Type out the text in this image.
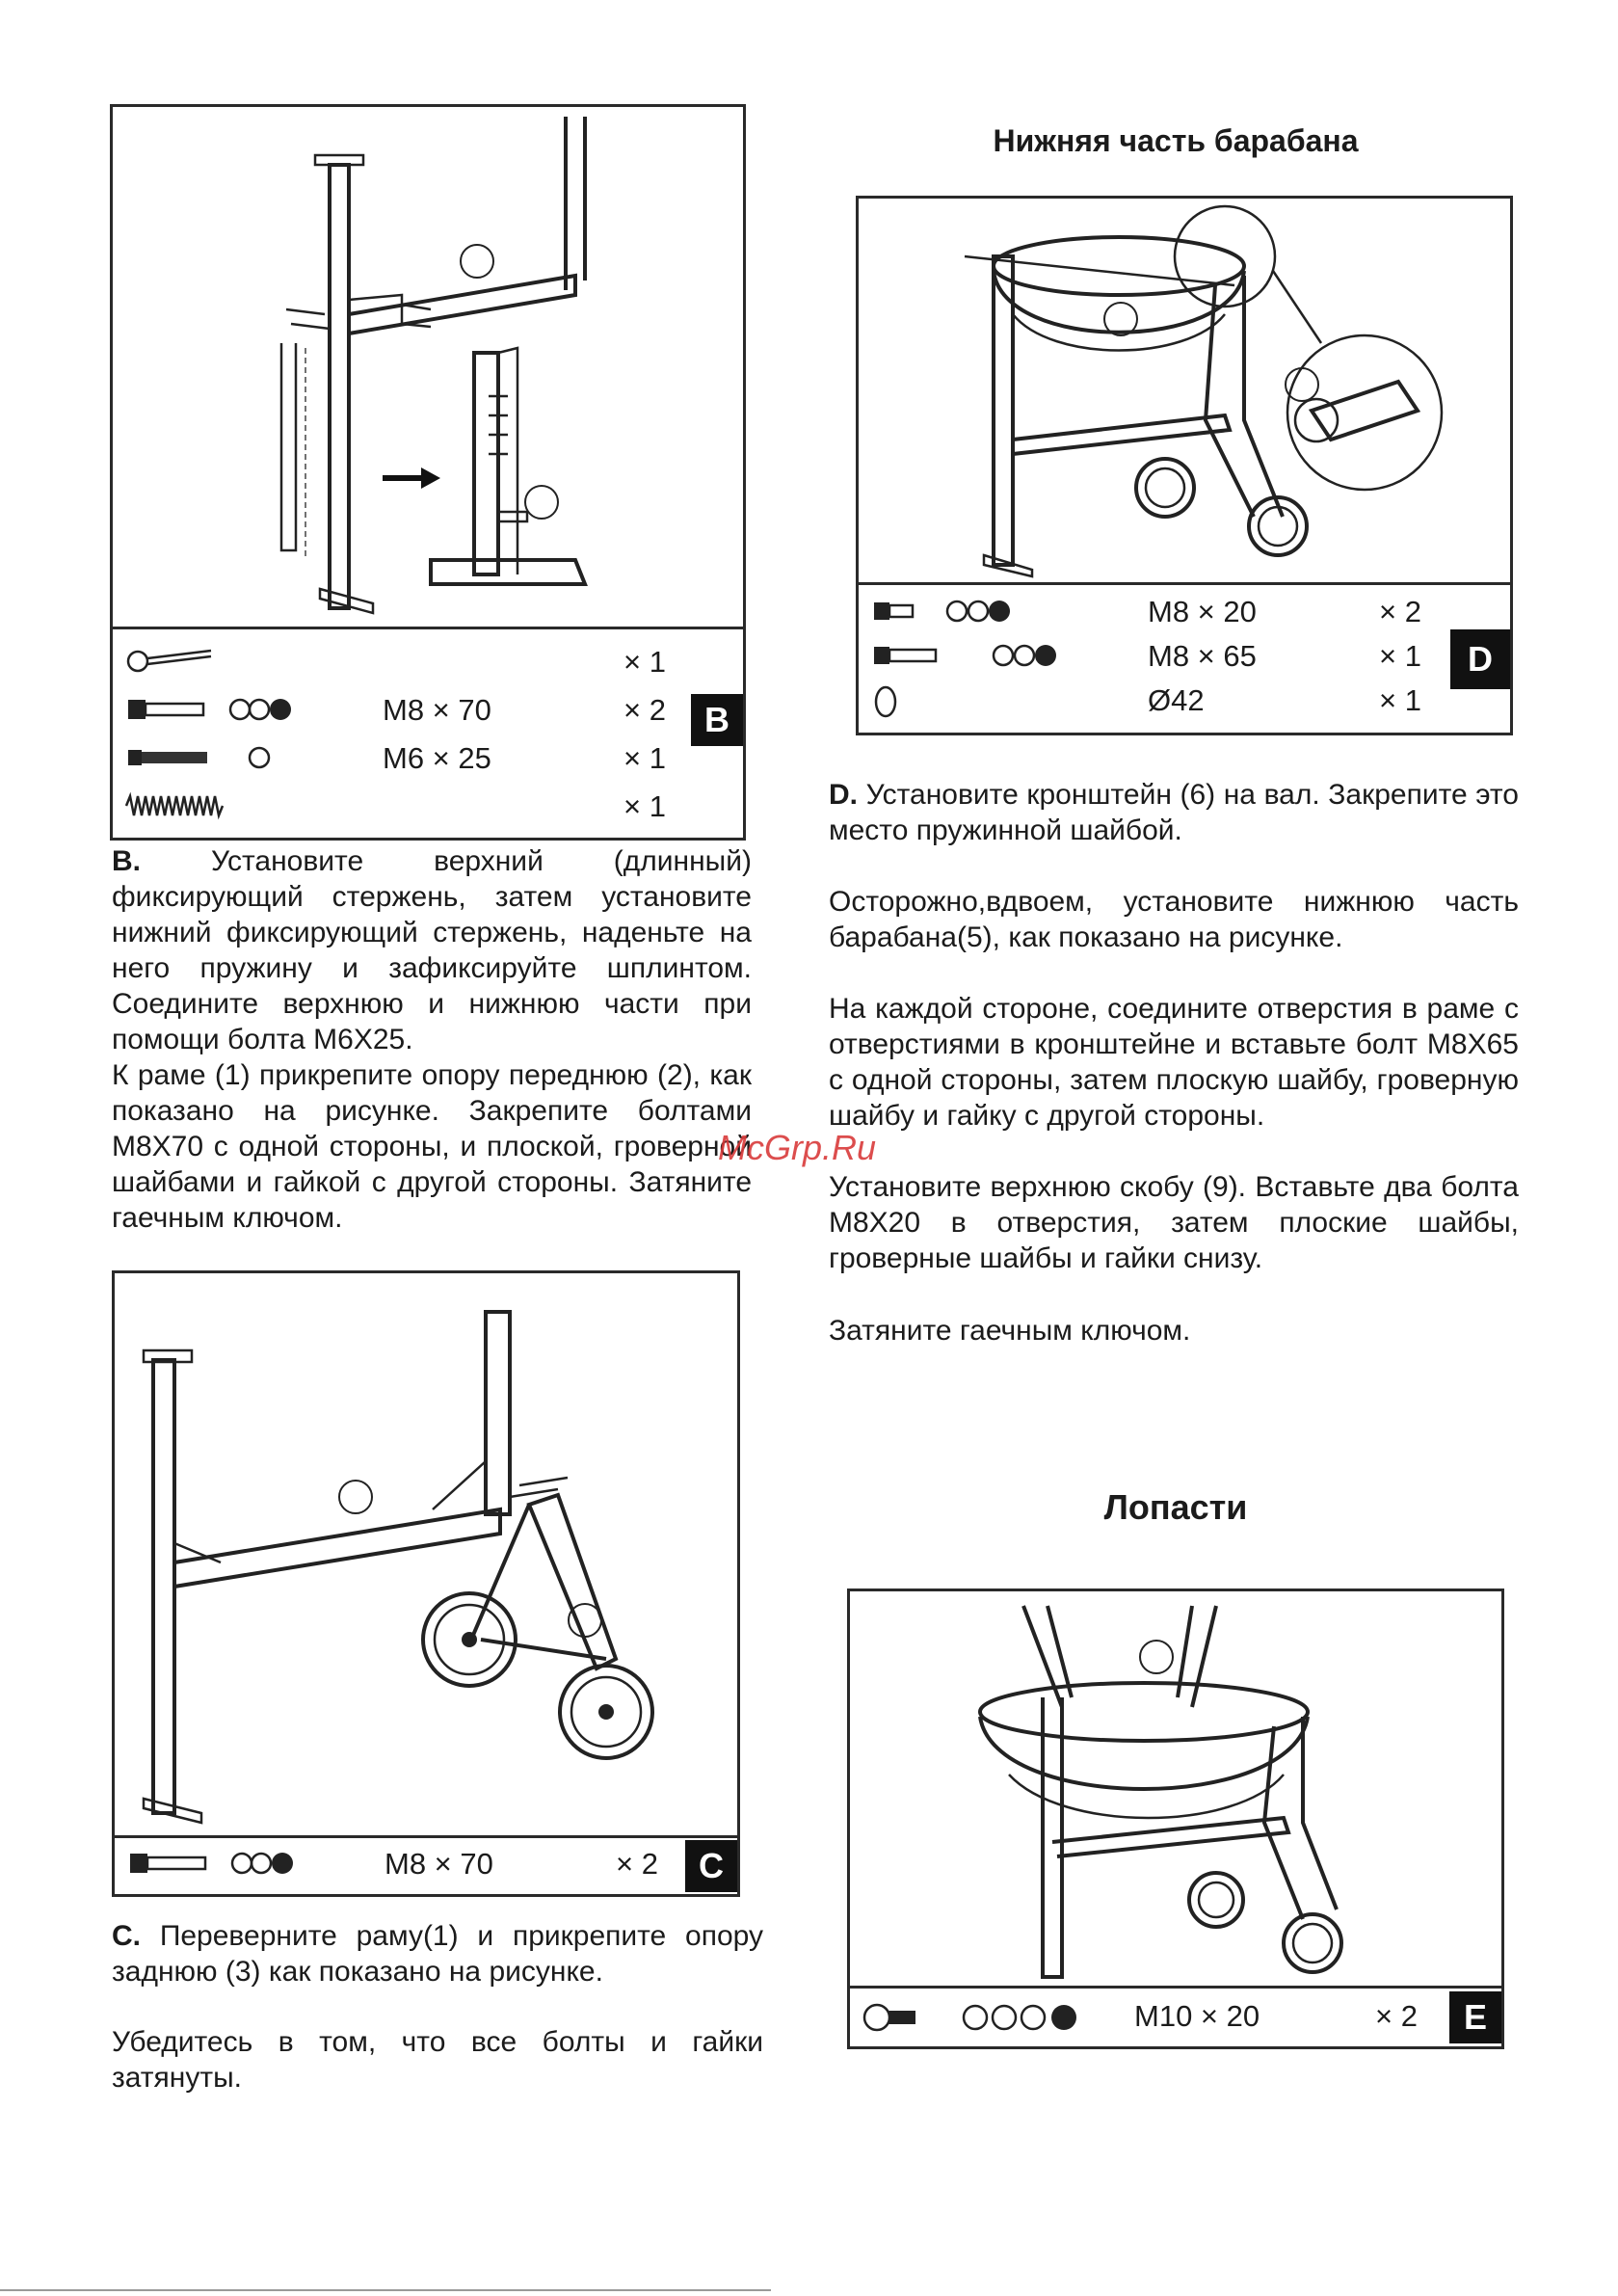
× 1
M8 × 70	× 2
M6 × 25	× 1
× 1
B
B. Установите верхний (длинный) фиксирующий стержень, затем установите нижний фиксирующий стержень, наденьте на него пружину и зафиксируйте шплинтом. Соедините верхнюю и нижнюю части при помощи болта М6Х25.
К раме (1) прикрепите опору переднюю (2), как показано на рисунке. Закрепите болтами М8Х70 с одной стороны, и плоской, гроверной шайбами и гайкой с другой стороны. Затяните гаечным ключом.
M8 × 70	× 2	C
C. Переверните раму(1) и прикрепите опору заднюю (3) как показано на рисунке.
Убедитесь в том, что все болты и гайки затянуты.
Нижняя часть барабана
M8 × 20	× 2
M8 × 65	× 1
Ø42	× 1
D
D. Установите кронштейн (6) на вал. Закрепите это место пружинной шайбой.
Осторожно,вдвоем, установите нижнюю часть барабана(5), как показано на рисунке.
На каждой стороне, соедините отверстия в раме с отверстиями в кронштейне и вставьте болт М8Х65 с одной стороны, затем плоскую шайбу, гроверную шайбу и гайку с другой стороны.
Установите верхнюю скобу (9). Вставьте два болта М8Х20 в отверстия, затем плоские шайбы, гроверные шайбы и гайки снизу.
Затяните гаечным ключом.
Лопасти
M10 × 20	× 2	E
McGrp.Ru
